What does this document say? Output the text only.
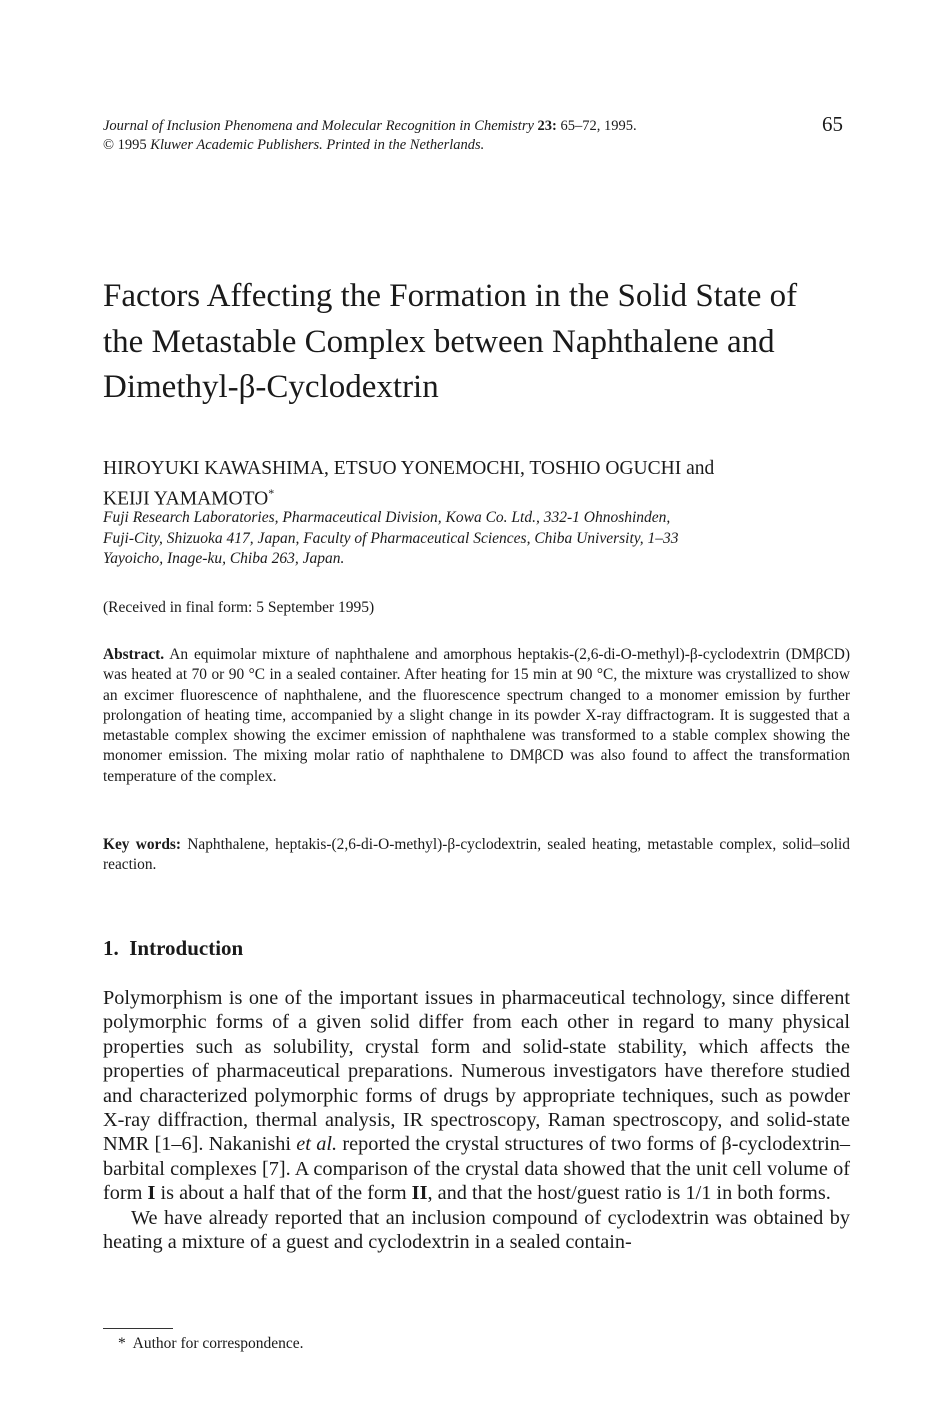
Journal of Inclusion Phenomena and Molecular Recognition in Chemistry 23: 65–72, 1995.
© 1995 Kluwer Academic Publishers. Printed in the Netherlands.
65
Factors Affecting the Formation in the Solid State of
the Metastable Complex between Naphthalene and
Dimethyl-β-Cyclodextrin
HIROYUKI KAWASHIMA, ETSUO YONEMOCHI, TOSHIO OGUCHI and
KEIJI YAMAMOTO*
Fuji Research Laboratories, Pharmaceutical Division, Kowa Co. Ltd., 332-1 Ohnoshinden,
Fuji-City, Shizuoka 417, Japan, Faculty of Pharmaceutical Sciences, Chiba University, 1–33
Yayoicho, Inage-ku, Chiba 263, Japan.
(Received in final form: 5 September 1995)
Abstract. An equimolar mixture of naphthalene and amorphous heptakis-(2,6-di-O-methyl)-β-cyclodextrin (DMβCD) was heated at 70 or 90 °C in a sealed container. After heating for 15 min at 90 °C, the mixture was crystallized to show an excimer fluorescence of naphthalene, and the fluorescence spectrum changed to a monomer emission by further prolongation of heating time, accompanied by a slight change in its powder X-ray diffractogram. It is suggested that a metastable complex showing the excimer emission of naphthalene was transformed to a stable complex showing the monomer emission. The mixing molar ratio of naphthalene to DMβCD was also found to affect the transformation temperature of the complex.
Key words: Naphthalene, heptakis-(2,6-di-O-methyl)-β-cyclodextrin, sealed heating, metastable complex, solid–solid reaction.
1.  Introduction

Polymorphism is one of the important issues in pharmaceutical technology, since different polymorphic forms of a given solid differ from each other in regard to many physical properties such as solubility, crystal form and solid-state stability, which affects the properties of pharmaceutical preparations. Numerous investigators have therefore studied and characterized polymorphic forms of drugs by appropriate techniques, such as powder X-ray diffraction, thermal analysis, IR spectroscopy, Raman spectroscopy, and solid-state NMR [1–6]. Nakanishi et al. reported the crystal structures of two forms of β-cyclodextrin–barbital complexes [7]. A comparison of the crystal data showed that the unit cell volume of form I is about a half that of the form II, and that the host/guest ratio is 1/1 in both forms.

We have already reported that an inclusion compound of cyclodextrin was obtained by heating a mixture of a guest and cyclodextrin in a sealed contain-

* Author for correspondence.
